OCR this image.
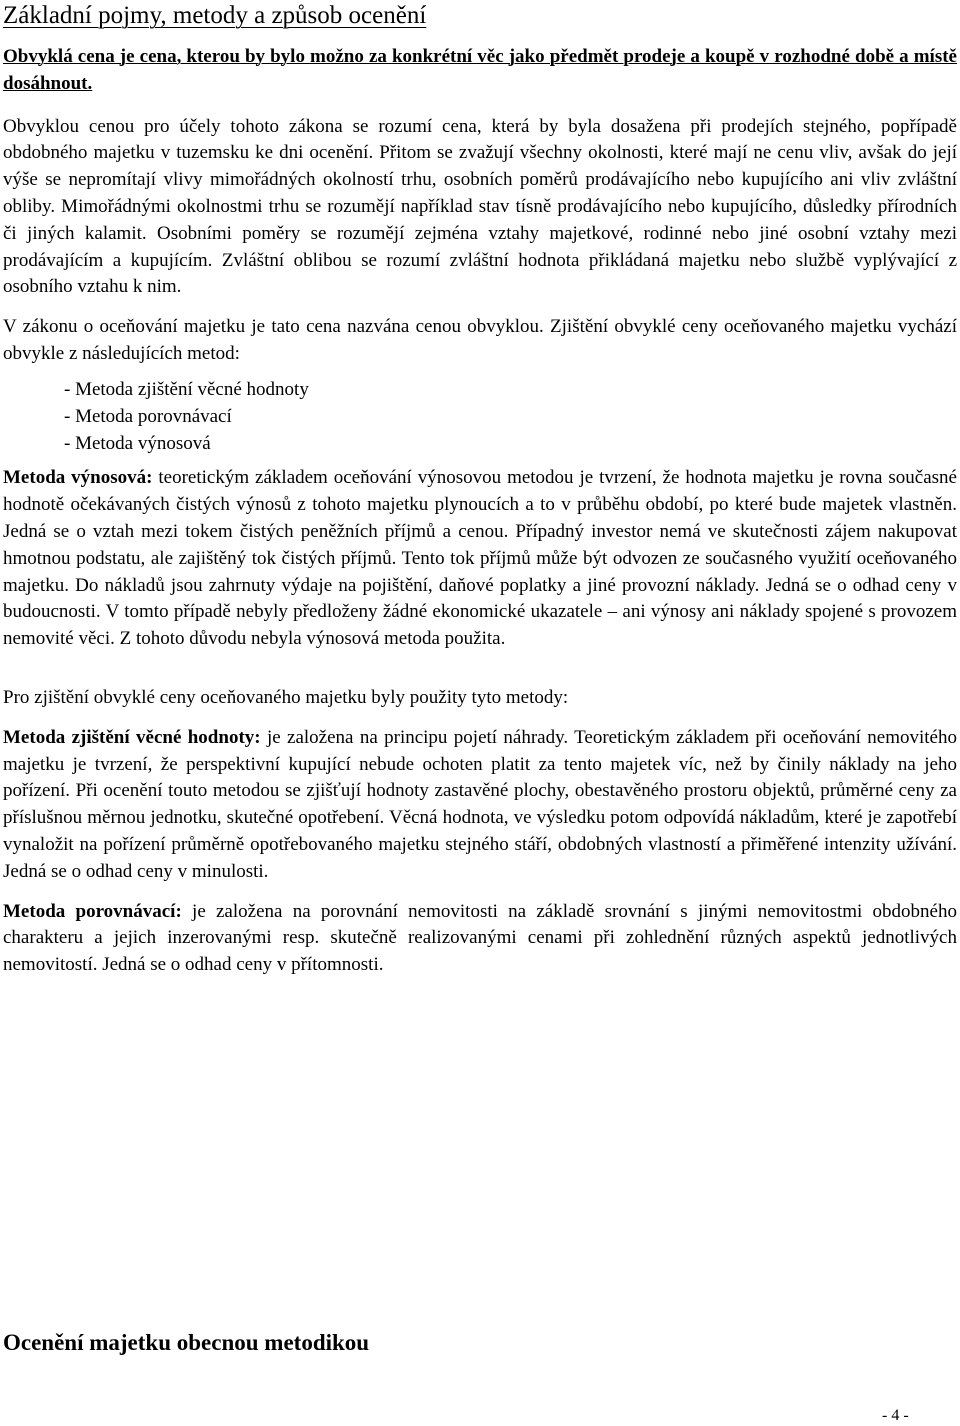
Základní pojmy, metody a způsob ocenění

Obvyklá cena je cena, kterou by bylo možno za konkrétní věc jako předmět prodeje a koupě v rozhodné době a místě dosáhnout.

Obvyklou cenou pro účely tohoto zákona se rozumí cena, která by byla dosažena při prodejích stejného, popřípadě obdobného majetku v tuzemsku ke dni ocenění. Přitom se zvažují všechny okolnosti, které mají ne cenu vliv, avšak do její výše se nepromítají vlivy mimořádných okolností trhu, osobních poměrů prodávajícího nebo kupujícího ani vliv zvláštní obliby. Mimořádnými okolnostmi trhu se rozumějí například stav tísně prodávajícího nebo kupujícího, důsledky přírodních či jiných kalamit. Osobními poměry se rozumějí zejména vztahy majetkové, rodinné nebo jiné osobní vztahy mezi prodávajícím a kupujícím. Zvláštní oblibou se rozumí zvláštní hodnota přikládaná majetku nebo službě vyplývající z osobního vztahu k nim.

V zákonu o oceňování majetku je tato cena nazvána cenou obvyklou. Zjištění obvyklé ceny oceňovaného majetku vychází obvykle z následujících metod:

- Metoda zjištění věcné hodnoty
- Metoda porovnávací
- Metoda výnosová

Metoda výnosová: teoretickým základem oceňování výnosovou metodou je tvrzení, že hodnota majetku je rovna současné hodnotě očekávaných čistých výnosů z tohoto majetku plynoucích a to v průběhu období, po které bude majetek vlastněn. Jedná se o vztah mezi tokem čistých peněžních příjmů a cenou. Případný investor nemá ve skutečnosti zájem nakupovat hmotnou podstatu, ale zajištěný tok čistých příjmů. Tento tok příjmů může být odvozen ze současného využití oceňovaného majetku. Do nákladů jsou zahrnuty výdaje na pojištění, daňové poplatky a jiné provozní náklady. Jedná se o odhad ceny v budoucnosti. V tomto případě nebyly předloženy žádné ekonomické ukazatele – ani výnosy ani náklady spojené s provozem nemovité věci. Z tohoto důvodu nebyla výnosová metoda použita.

Pro zjištění obvyklé ceny oceňovaného majetku byly použity tyto metody:

Metoda zjištění věcné hodnoty: je založena na principu pojetí náhrady. Teoretickým základem při oceňování nemovitého majetku je tvrzení, že perspektivní kupující nebude ochoten platit za tento majetek víc, než by činily náklady na jeho pořízení. Při ocenění touto metodou se zjišťují hodnoty zastavěné plochy, obestavěného prostoru objektů, průměrné ceny za příslušnou měrnou jednotku, skutečné opotřebení. Věcná hodnota, ve výsledku potom odpovídá nákladům, které je zapotřebí vynaložit na pořízení průměrně opotřebovaného majetku stejného stáří, obdobných vlastností a přiměřené intenzity užívání. Jedná se o odhad ceny v minulosti.

Metoda porovnávací: je založena na porovnání nemovitosti na základě srovnání s jinými nemovitostmi obdobného charakteru a jejich inzerovanými resp. skutečně realizovanými cenami při zohlednění různých aspektů jednotlivých nemovitostí. Jedná se o odhad ceny v přítomnosti.

Ocenění majetku obecnou metodikou
- 4 -
